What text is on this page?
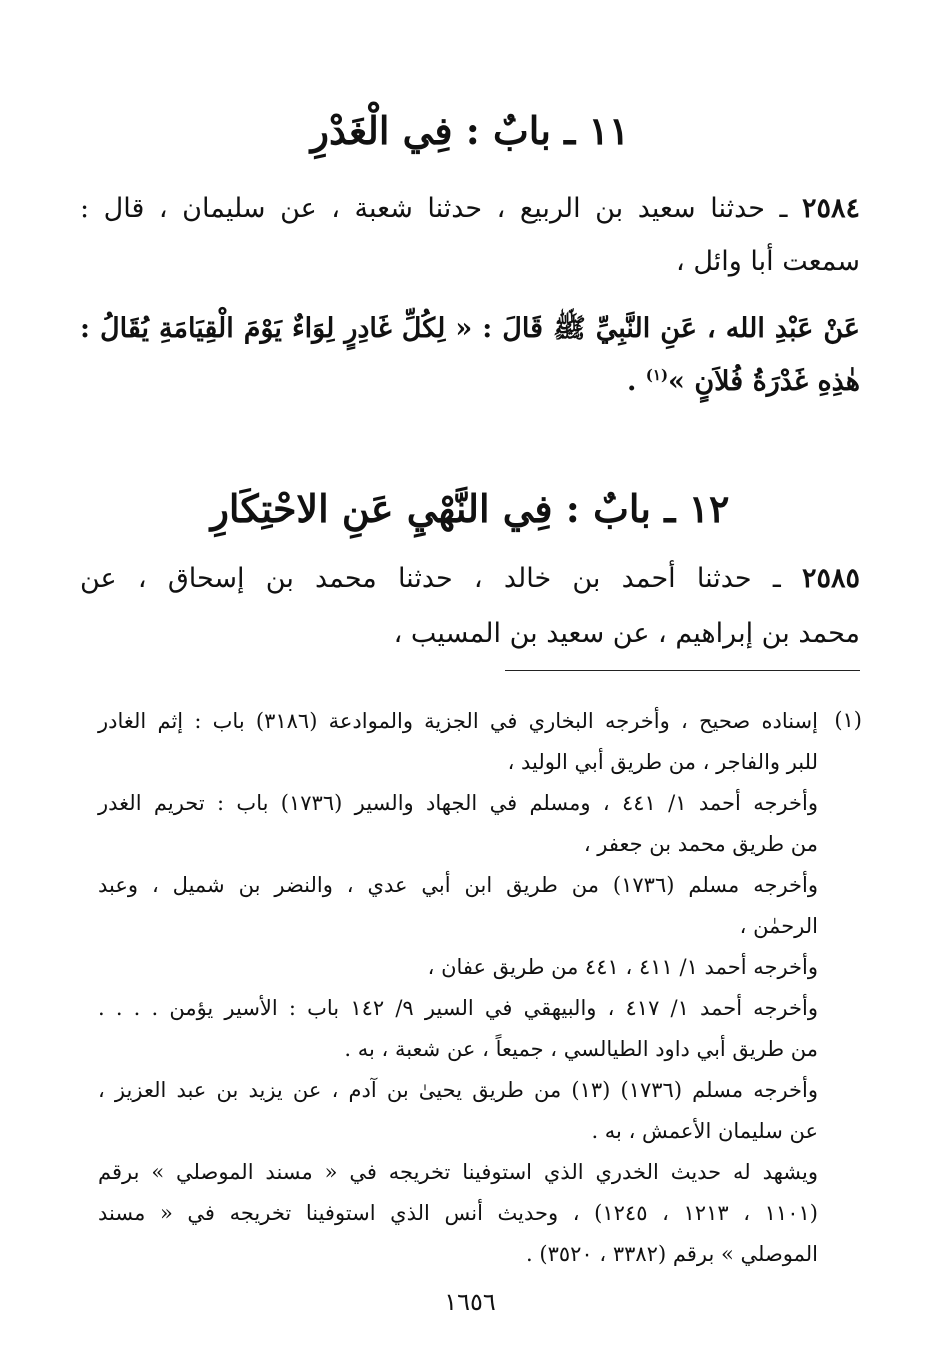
١١ ـ بابٌ : فِي الْغَدْرِ
٢٥٨٤ ـ حدثنا سعيد بن الربيع ، حدثنا شعبة ، عن سليمان ، قال :
سمعت أبا وائل ،
عَنْ عَبْدِ الله ، عَنِ النَّبِيِّ ﷺ قَالَ : « لِكُلِّ غَادِرٍ لِوَاءٌ يَوْمَ الْقِيَامَةِ يُقَالُ :
هٰذِهِ غَدْرَةُ فُلاَنٍ »$^{(١)}$ .
١٢ ـ بابٌ : فِي النَّهْيِ عَنِ الاحْتِكَارِ
٢٥٨٥ ـ حدثنا أحمد بن خالد ، حدثنا محمد بن إسحاق ، عن
محمد بن إبراهيم ، عن سعيد بن المسيب ،
(١)
إسناده صحيح ، وأخرجه البخاري في الجزية والموادعة (٣١٨٦) باب : إثم الغادر
للبر والفاجر ، من طريق أبي الوليد ،
وأخرجه أحمد ١/ ٤٤١ ، ومسلم في الجهاد والسير (١٧٣٦) باب : تحريم الغدر
من طريق محمد بن جعفر ،
وأخرجه مسلم (١٧٣٦) من طريق ابن أبي عدي ، والنضر بن شميل ، وعبد
الرحمٰن ،
وأخرجه أحمد ١/ ٤١١ ، ٤٤١ من طريق عفان ،
وأخرجه أحمد ١/ ٤١٧ ، والبيهقي في السير ٩/ ١٤٢ باب : الأسير يؤمن . . . .
من طريق أبي داود الطيالسي ، جميعاً ، عن شعبة ، به .
وأخرجه مسلم (١٧٣٦) (١٣) من طريق يحيىٰ بن آدم ، عن يزيد بن عبد العزيز ،
عن سليمان الأعمش ، به .
ويشهد له حديث الخدري الذي استوفينا تخريجه في « مسند الموصلي » برقم
(١١٠١ ، ١٢١٣ ، ١٢٤٥) ، وحديث أنس الذي استوفينا تخريجه في « مسند
الموصلي » برقم (٣٣٨٢ ، ٣٥٢٠) .
١٦٥٦
